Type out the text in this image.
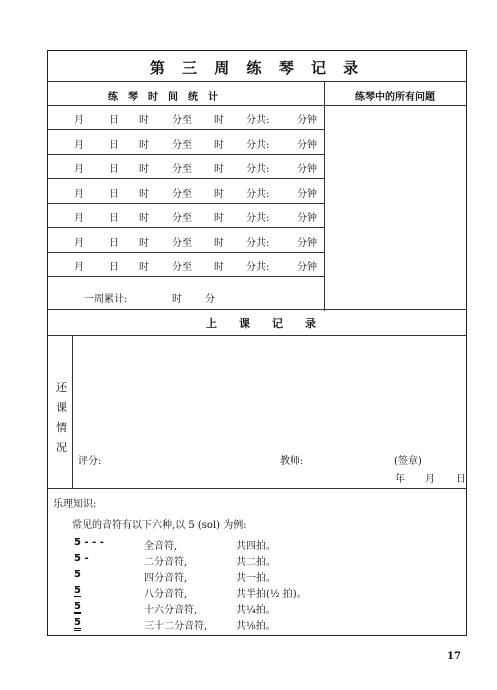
第 三 周 练 琴 记 录
练　琴　时　间　统　计	练琴中的所有问题
月	日 时 分至 时 分共:	分钟
月	日 时 分至 时 分共:	分钟
月	日 时 分至 时 分共:	分钟
月	日 时 分至 时 分共:	分钟
月	日 时 分至 时 分共:	分钟
月	日 时 分至 时 分共:	分钟
月	日 时 分至 时 分共:	分钟
一周累计:	时 分
上　　课　　记　　录
还
课
情
况
评分:	教师:	(签章)
年 月 日
乐理知识:
常见的音符有以下六种,以 5 (sol) 为例:
5 - - -	全音符,	共四拍。
5 -	二分音符,	共二拍。
5	四分音符,	共一拍。
5	八分音符,	共半拍(½ 拍)。
5	十六分音符,	共¼拍。
5	三十二分音符,	共⅛拍。
17
